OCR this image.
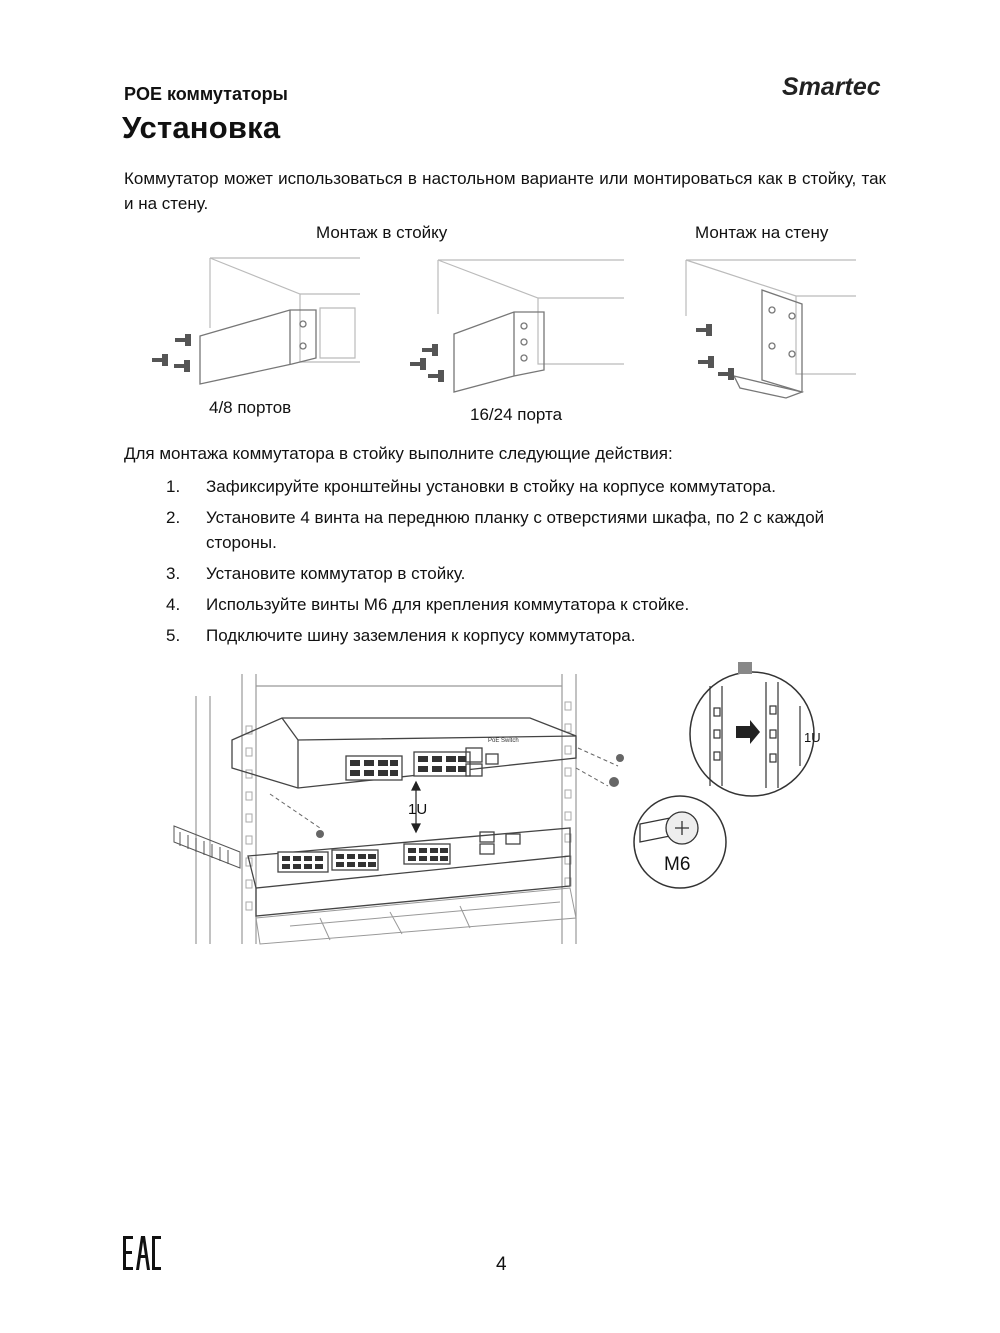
POE коммутаторы	Smartec
Установка
Коммутатор может использоваться в настольном варианте или монтироваться как в стойку, так и на стену.
Монтаж в стойку	Монтаж на стену
4/8 портов	16/24 порта
Для монтажа коммутатора в стойку выполните следующие действия:
1. Зафиксируйте кронштейны установки в стойку на корпусе коммутатора.
2. Установите 4 винта на переднюю планку с отверстиями шкафа, по 2 с каждой стороны.
3. Установите коммутатор в стойку.
4. Используйте винты М6 для крепления коммутатора к стойке.
5. Подключите шину заземления к корпусу коммутатора.
PoE Switch
1U
1U
M6
4
